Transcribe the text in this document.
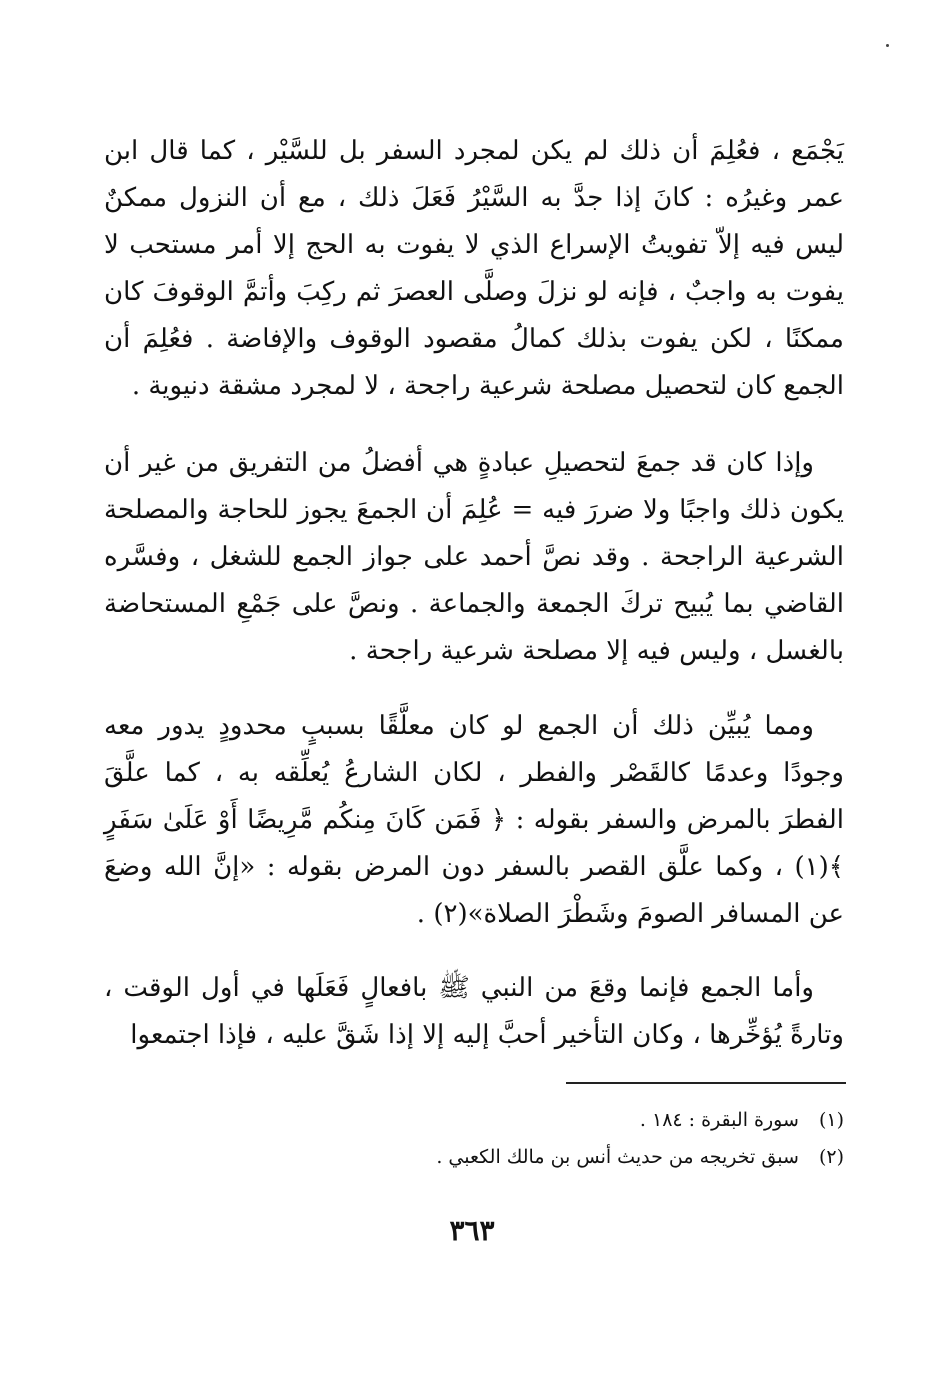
يَجْمَع ، فعُلِمَ أن ذلك لم يكن لمجرد السفر بل للسَّيْر ، كما قال ابن عمر وغيرُه : كانَ إذا جدَّ به السَّيْرُ فَعَلَ ذلك ، مع أن النزول ممكنٌ ليس فيه إلاّ تفويتُ الإسراع الذي لا يفوت به الحج إلا أمر مستحب لا يفوت به واجبٌ ، فإنه لو نزلَ وصلَّى العصرَ ثم ركِبَ وأتمَّ الوقوفَ كان ممكنًا ، لكن يفوت بذلك كمالُ مقصود الوقوف والإفاضة . فعُلِمَ أن الجمع كان لتحصيل مصلحة شرعية راجحة ، لا لمجرد مشقة دنيوية .

وإذا كان قد جمعَ لتحصيلِ عبادةٍ هي أفضلُ من التفريق من غير أن يكون ذلك واجبًا ولا ضررَ فيه = عُلِمَ أن الجمعَ يجوز للحاجة والمصلحة الشرعية الراجحة . وقد نصَّ أحمد على جواز الجمع للشغل ، وفسَّره القاضي بما يُبيح تركَ الجمعة والجماعة . ونصَّ على جَمْعِ المستحاضة بالغسل ، وليس فيه إلا مصلحة شرعية راجحة .

ومما يُبيِّن ذلك أن الجمع لو كان معلَّقًا بسببٍ محدودٍ يدور معه وجودًا وعدمًا كالقَصْر والفطر ، لكان الشارعُ يُعلِّقه به ، كما علَّقَ الفطرَ بالمرض والسفر بقوله : ﴿ فَمَن كَانَ مِنكُم مَّرِيضًا أَوْ عَلَىٰ سَفَرٍ ﴾(١) ، وكما علَّق القصر بالسفر دون المرض بقوله : «إنَّ الله وضعَ عن المسافر الصومَ وشَطْرَ الصلاة»(٢) .

وأما الجمع فإنما وقعَ من النبي ﷺ بافعالٍ فَعَلَها في أول الوقت ، وتارةً يُؤخِّرها ، وكان التأخير أحبَّ إليه إلا إذا شَقَّ عليه ، فإذا اجتمعوا

(١) سورة البقرة : ١٨٤ .

(٢) سبق تخريجه من حديث أنس بن مالك الكعبي .

٣٦٣
